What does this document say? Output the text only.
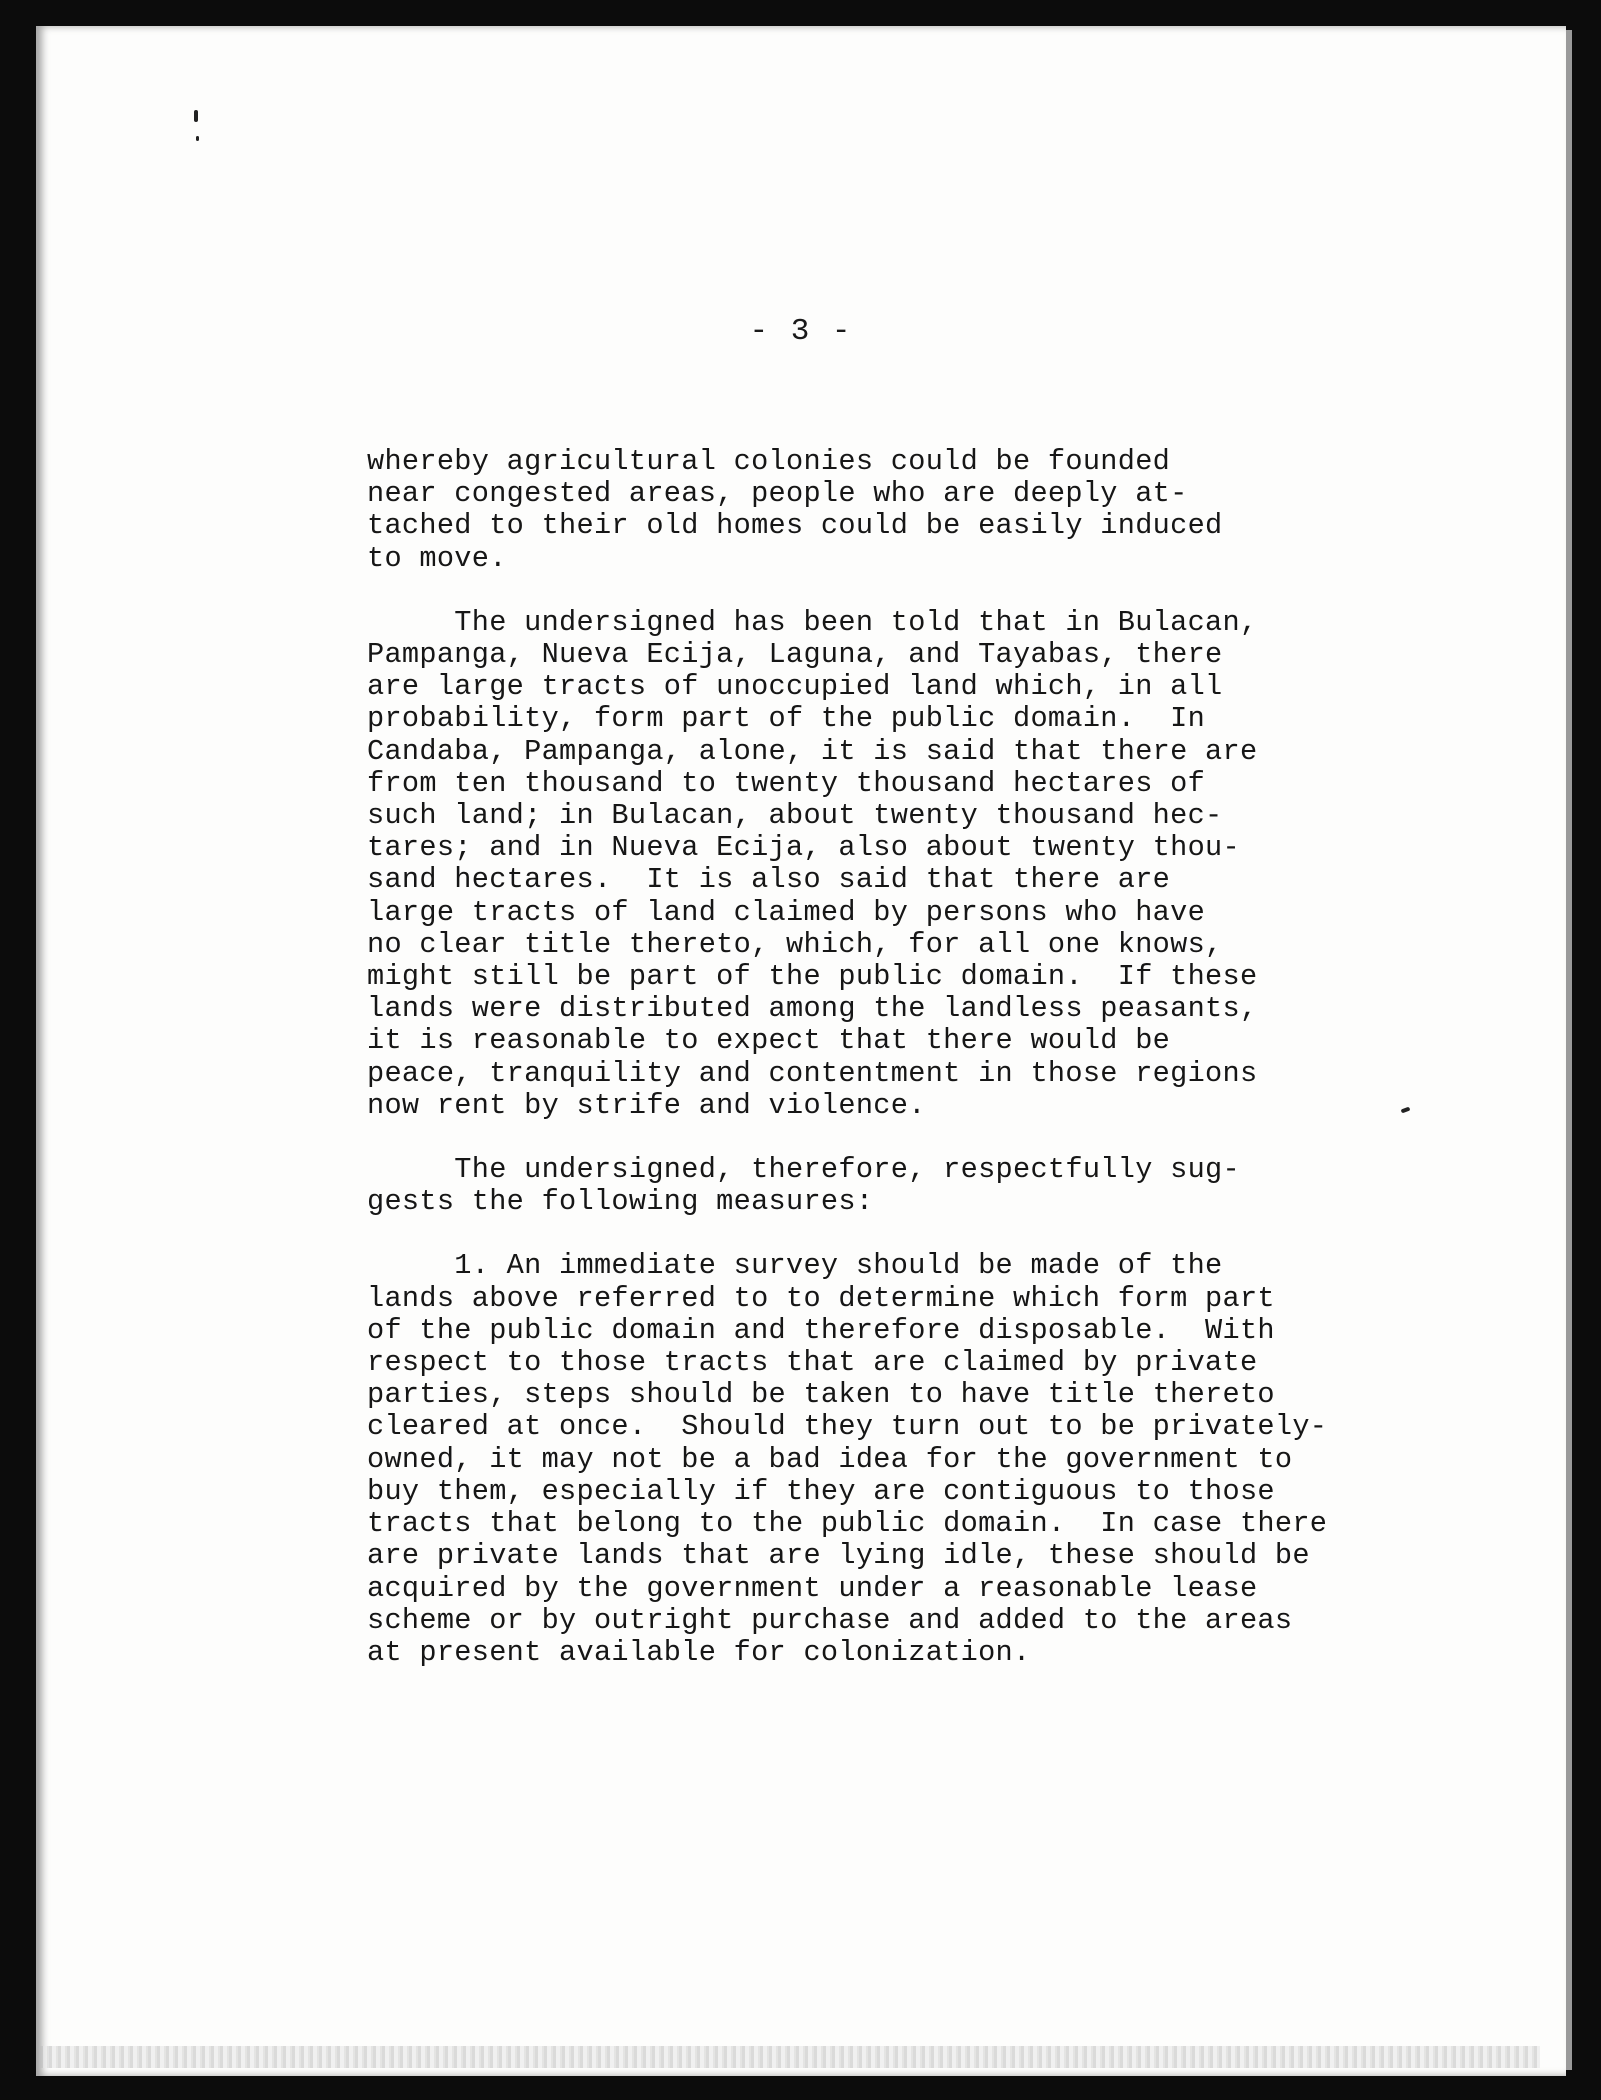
- 3 -
whereby agricultural colonies could be founded
near congested areas, people who are deeply at-
tached to their old homes could be easily induced
to move.
The undersigned has been told that in Bulacan,
Pampanga, Nueva Ecija, Laguna, and Tayabas, there
are large tracts of unoccupied land which, in all
probability, form part of the public domain.  In
Candaba, Pampanga, alone, it is said that there are
from ten thousand to twenty thousand hectares of
such land; in Bulacan, about twenty thousand hec-
tares; and in Nueva Ecija, also about twenty thou-
sand hectares.  It is also said that there are
large tracts of land claimed by persons who have
no clear title thereto, which, for all one knows,
might still be part of the public domain.  If these
lands were distributed among the landless peasants,
it is reasonable to expect that there would be
peace, tranquility and contentment in those regions
now rent by strife and violence.
The undersigned, therefore, respectfully sug-
gests the following measures:
1. An immediate survey should be made of the
lands above referred to to determine which form part
of the public domain and therefore disposable.  With
respect to those tracts that are claimed by private
parties, steps should be taken to have title thereto
cleared at once.  Should they turn out to be privately-
owned, it may not be a bad idea for the government to
buy them, especially if they are contiguous to those
tracts that belong to the public domain.  In case there
are private lands that are lying idle, these should be
acquired by the government under a reasonable lease
scheme or by outright purchase and added to the areas
at present available for colonization.
